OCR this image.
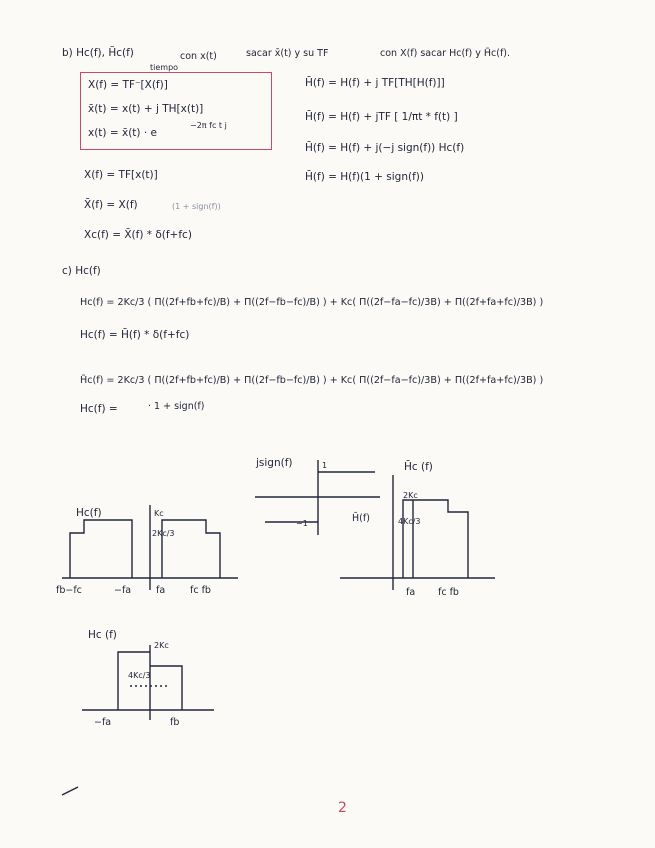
b) Hc(f), H̃c(f)	con x(t)	sacar x̄(t) y su TF	con X(f) sacar Hc(f) y H̃c(f).
tiempo
X(f) = TF⁻[X(f)]
x̄(t) = x(t) + j TH[x(t)]
x(t) = x̄(t) · e
−2π fc t j
H̄(f) = H(f) + j TF[TH[H(f)]]
H̄(f) = H(f) + jTF [ 1/πt * f(t) ]
H̄(f) = H(f) + j(−j sign(f)) Hc(f)
H̄(f) = H(f)(1 + sign(f))
X(f) = TF[x(t)]
X̄(f) = X(f)	(1 + sign(f))
Xc(f) = X̄(f) * δ(f+fc)
c) Hc(f)
Hc(f) = 2Kc/3 ( Π((2f+fb+fc)/B) + Π((2f−fb−fc)/B) ) + Kc( Π((2f−fa−fc)/3B) + Π((2f+fa+fc)/3B) )
Hc(f) = H̄(f) * δ(f+fc)
H̃c(f) = 2Kc/3 ( Π((2f+fb+fc)/B) + Π((2f−fb−fc)/B) ) + Kc( Π((2f−fa−fc)/3B) + Π((2f+fa+fc)/3B) )
Hc(f) =	· 1 + sign(f)
jsign(f)	1
−1	H̄(f)
H̄c (f)
2Kc
4Kc/3
fa fc fb
Hc(f)	Kc
2Kc/3
fb−fc	−fa	fa	fc fb
Hc (f)
2Kc
4Kc/3
−fa	fb
2
